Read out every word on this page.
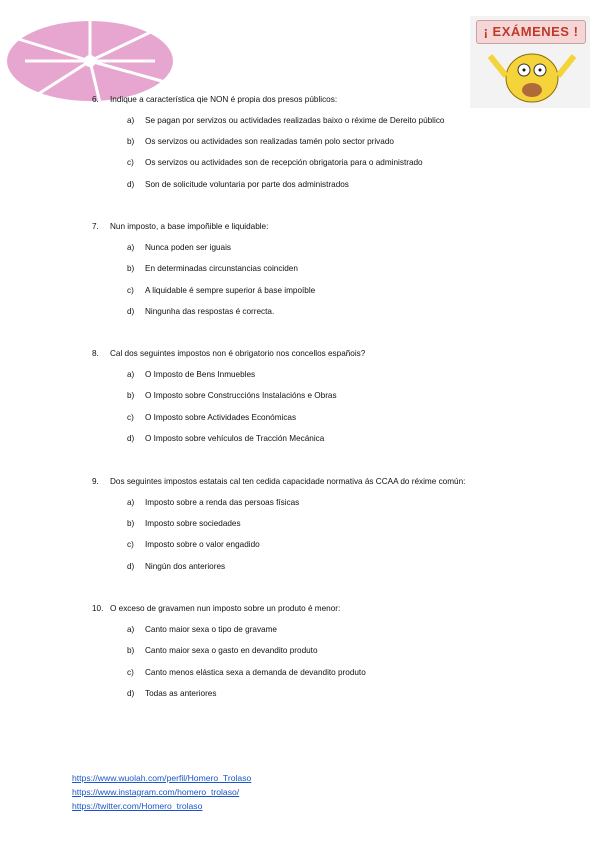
¡ EXÁMENES !
6. Indique a característica qie NON é propia dos presos públicos:
a) Se pagan por servizos ou actividades realizadas baixo o réxime de Dereito público
b) Os servizos ou actividades son realizadas tamén polo sector privado
c) Os servizos ou actividades son de recepción obrigatoria para o administrado
d) Son de solicitude voluntaria por parte dos administrados
7. Nun imposto, a base impoñible e liquidable:
a) Nunca poden ser iguais
b) En determinadas circunstancias coinciden
c) A liquidable é sempre superior á base impoíble
d) Ningunha das respostas é correcta.
8. Cal dos seguintes impostos non é obrigatorio nos concellos españois?
a) O Imposto de Bens Inmuebles
b) O Imposto sobre Construccións Instalacións e Obras
c) O Imposto sobre Actividades Económicas
d) O Imposto sobre vehículos de Tracción Mecánica
9. Dos seguintes impostos estatais cal ten cedida capacidade normativa ás CCAA do réxime común:
a) Imposto sobre a renda das persoas físicas
b) Imposto sobre sociedades
c) Imposto sobre o valor engadido
d) Ningún dos anteriores
10. O exceso de gravamen nun imposto sobre un produto é menor:
a) Canto maior sexa o tipo de gravame
b) Canto maior sexa o gasto en devandito produto
c) Canto menos elástica sexa a demanda de devandito produto
d) Todas as anteriores
https://www.wuolah.com/perfil/Homero_Trolaso
https://www.instagram.com/homero_trolaso/
https://twitter.com/Homero_trolaso
